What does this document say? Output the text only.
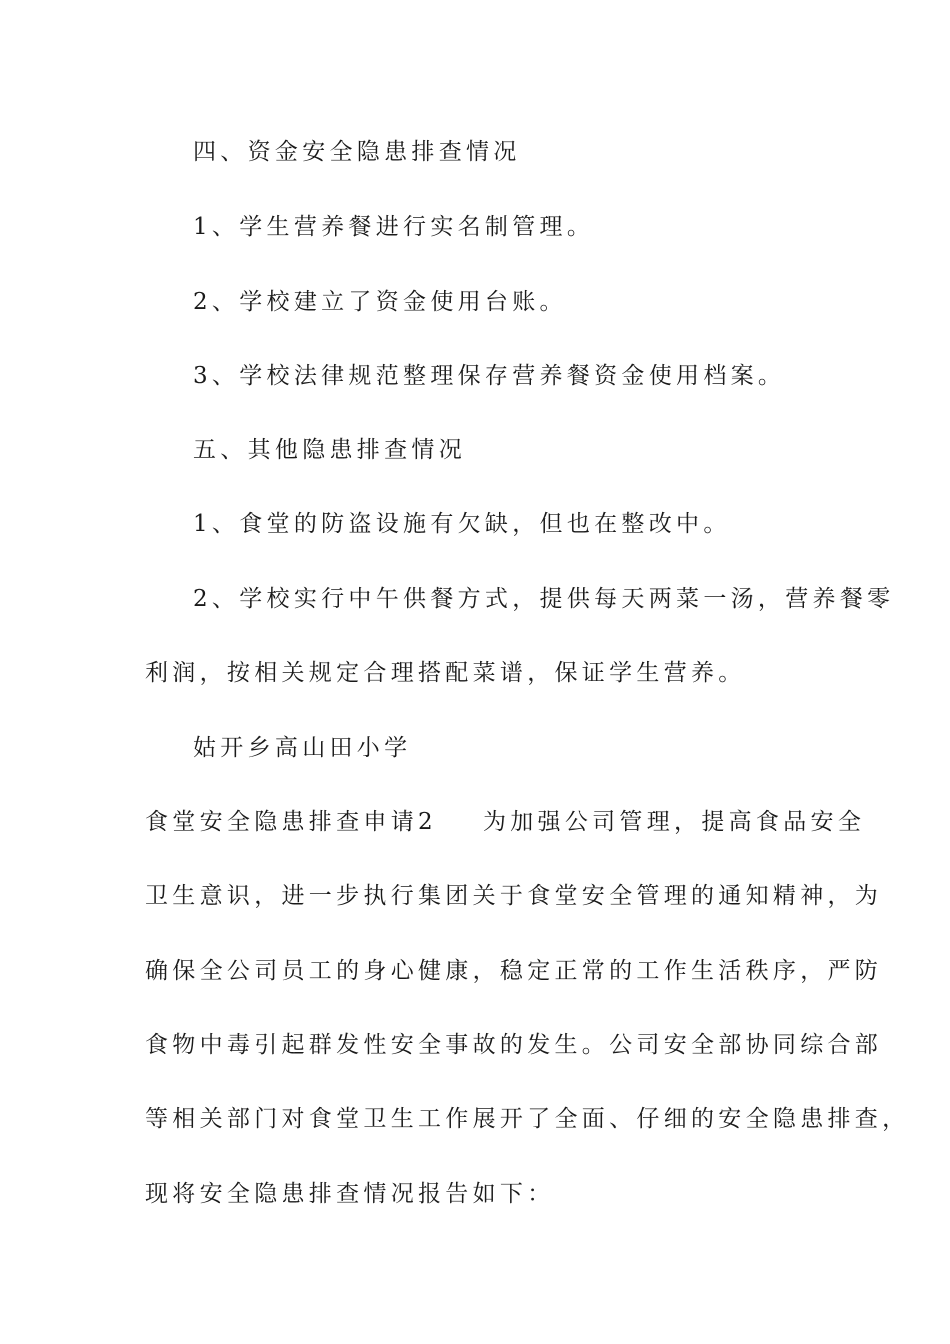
四、资金安全隐患排查情况
1、学生营养餐进行实名制管理。
2、学校建立了资金使用台账。
3、学校法律规范整理保存营养餐资金使用档案。
五、其他隐患排查情况
1、食堂的防盗设施有欠缺，但也在整改中。
2、学校实行中午供餐方式，提供每天两菜一汤，营养餐零
利润，按相关规定合理搭配菜谱，保证学生营养。
姑开乡高山田小学
食堂安全隐患排查申请2 为加强公司管理，提高食品安全
卫生意识，进一步执行集团关于食堂安全管理的通知精神，为
确保全公司员工的身心健康，稳定正常的工作生活秩序，严防
食物中毒引起群发性安全事故的发生。公司安全部协同综合部
等相关部门对食堂卫生工作展开了全面、仔细的安全隐患排查，
现将安全隐患排查情况报告如下：
